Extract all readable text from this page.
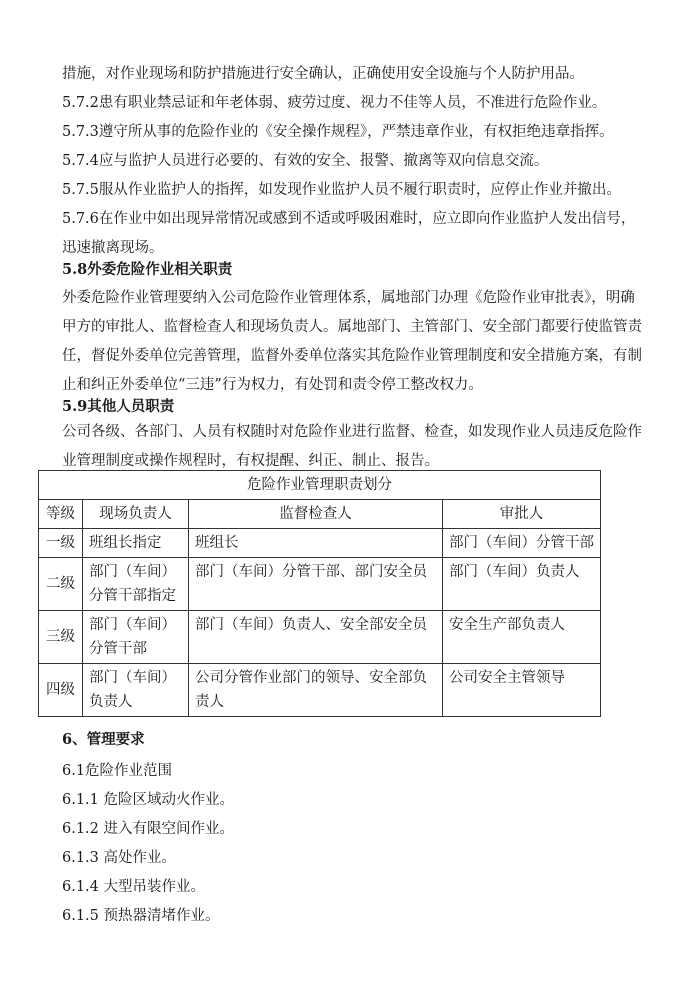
措施，对作业现场和防护措施进行安全确认，正确使用安全设施与个人防护用品。

5.7.2患有职业禁忌证和年老体弱、疲劳过度、视力不佳等人员，不准进行危险作业。

5.7.3遵守所从事的危险作业的《安全操作规程》，严禁违章作业，有权拒绝违章指挥。

5.7.4应与监护人员进行必要的、有效的安全、报警、撤离等双向信息交流。

5.7.5服从作业监护人的指挥，如发现作业监护人员不履行职责时，应停止作业并撤出。

5.7.6在作业中如出现异常情况或感到不适或呼吸困难时，应立即向作业监护人发出信号，迅速撤离现场。

5.8外委危险作业相关职责

外委危险作业管理要纳入公司危险作业管理体系，属地部门办理《危险作业审批表》，明确甲方的审批人、监督检查人和现场负责人。属地部门、主管部门、安全部门都要行使监管责任，督促外委单位完善管理，监督外委单位落实其危险作业管理制度和安全措施方案，有制止和纠正外委单位“三违”行为权力，有处罚和责令停工整改权力。

5.9其他人员职责

公司各级、各部门、人员有权随时对危险作业进行监督、检查，如发现作业人员违反危险作业管理制度或操作规程时，有权提醒、纠正、制止、报告。

危险作业管理职责划分			
等级	现场负责人	监督检查人	审批人
一级	班组长指定	班组长	部门（车间）分管干部
二级	部门（车间）分管干部指定	部门（车间）分管干部、部门安全员	部门（车间）负责人
三级	部门（车间）分管干部	部门（车间）负责人、安全部安全员	安全生产部负责人
四级	部门（车间）负责人	公司分管作业部门的领导、安全部负责人	公司安全主管领导
6、管理要求
6.1危险作业范围
6.1.1 危险区域动火作业。
6.1.2 进入有限空间作业。
6.1.3 高处作业。
6.1.4 大型吊装作业。
6.1.5 预热器清堵作业。
